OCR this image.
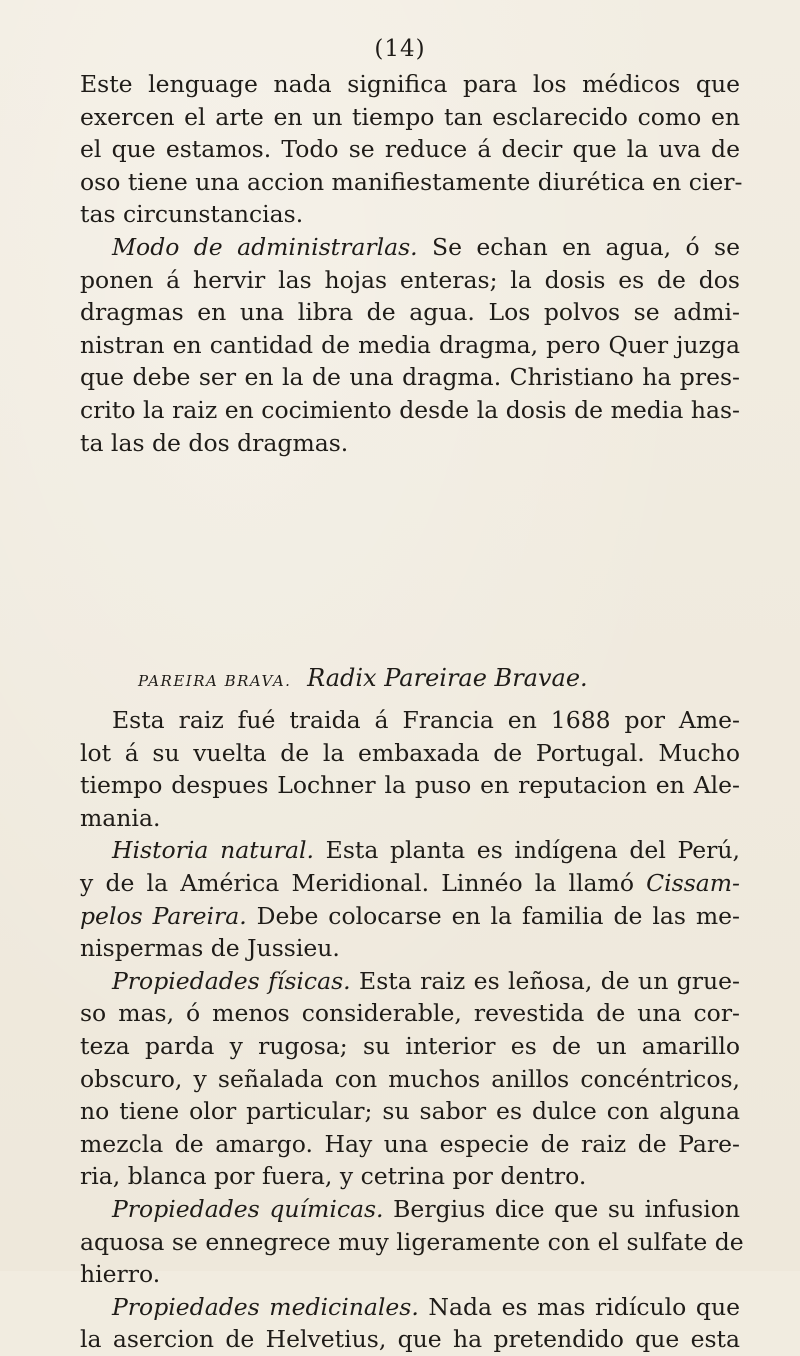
(14)
Este lenguage nada significa para los médicos que
exercen el arte en un tiempo tan esclarecido como en
el que estamos. Todo se reduce á decir que la uva de
oso tiene una accion manifiestamente diurética en cier-
tas circunstancias.
Modo de administrarlas. Se echan en agua, ó se
ponen á hervir las hojas enteras; la dosis es de dos
dragmas en una libra de agua. Los polvos se admi-
nistran en cantidad de media dragma, pero Quer juzga
que debe ser en la de una dragma. Christiano ha pres-
crito la raiz en cocimiento desde la dosis de media has-
ta las de dos dragmas.
PAREIRA BRAVA. Radix Pareirae Bravae.
Esta raiz fué traida á Francia en 1688 por Ame-
lot á su vuelta de la embaxada de Portugal. Mucho
tiempo despues Lochner la puso en reputacion en Ale-
mania.
Historia natural. Esta planta es indígena del Perú,
y de la América Meridional. Linnéo la llamó Cissam-
pelos Pareira. Debe colocarse en la familia de las me-
nispermas de Jussieu.
Propiedades físicas. Esta raiz es leñosa, de un grue-
so mas, ó menos considerable, revestida de una cor-
teza parda y rugosa; su interior es de un amarillo
obscuro, y señalada con muchos anillos concéntricos,
no tiene olor particular; su sabor es dulce con alguna
mezcla de amargo. Hay una especie de raiz de Pare-
ria, blanca por fuera, y cetrina por dentro.
Propiedades químicas. Bergius dice que su infusion
aquosa se ennegrece muy ligeramente con el sulfate de
hierro.
Propiedades medicinales. Nada es mas ridículo que
la asercion de Helvetius, que ha pretendido que esta
